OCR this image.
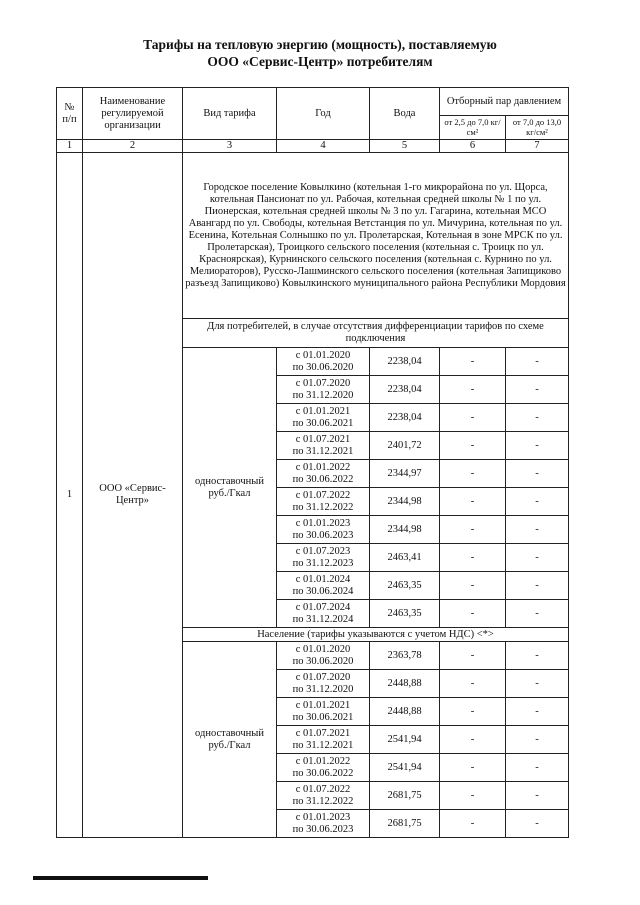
Тарифы на тепловую энергию (мощность), поставляемую
ООО «Сервис-Центр» потребителям
№ п/п	Наименование регулируемой организации	Вид тарифа	Год	Вода	Отборный пар давлением	
					от 2,5 до 7,0 кг/см²	от 7,0 до 13,0 кг/см²
1	2	3	4	5	6	7
1	ООО «Сервис-Центр»	Городское поселение Ковылкино (котельная 1-го микрорайона по ул. Щорса, котельная Пансионат по ул. Рабочая, котельная средней школы № 1 по ул. Пионерская, котельная средней школы № 3 по ул. Гагарина, котельная МСО Авангард по ул. Свободы, котельная Ветстанция по ул. Мичурина, котельная по ул. Есенина, Котельная Солнышко по ул. Пролетарская, Котельная в зоне МРСК по ул. Пролетарская), Троицкого сельского поселения (котельная с. Троицк по ул. Красноярская), Курнинского сельского поселения (котельная с. Курнино по ул. Мелиораторов), Русско-Лашминского сельского поселения (котельная Запищиково разъезд Запищиково) Ковылкинского муниципального района Республики Мордовия				
		Для потребителей, в случае отсутствия дифференциации тарифов по схеме подключения				
		одноставочный руб./Гкал	с 01.01.2020
по 30.06.2020	2238,04	-	-

			с 01.07.2020
по 31.12.2020	2238,04	-	-

			с 01.01.2021
по 30.06.2021	2238,04	-	-

			с 01.07.2021
по 31.12.2021	2401,72	-	-

			с 01.01.2022
по 30.06.2022	2344,97	-	-

			с 01.07.2022
по 31.12.2022	2344,98	-	-

			с 01.01.2023
по 30.06.2023	2344,98	-	-

			с 01.07.2023
по 31.12.2023	2463,41	-	-

			с 01.01.2024
по 30.06.2024	2463,35	-	-

			с 01.07.2024
по 31.12.2024	2463,35	-	-
		Население (тарифы указываются с учетом НДС) <*>				
		одноставочный руб./Гкал	с 01.01.2020
по 30.06.2020	2363,78	-	-

			с 01.07.2020
по 31.12.2020	2448,88	-	-

			с 01.01.2021
по 30.06.2021	2448,88	-	-

			с 01.07.2021
по 31.12.2021	2541,94	-	-

			с 01.01.2022
по 30.06.2022	2541,94	-	-

			с 01.07.2022
по 31.12.2022	2681,75	-	-

			с 01.01.2023
по 30.06.2023	2681,75	-	-
